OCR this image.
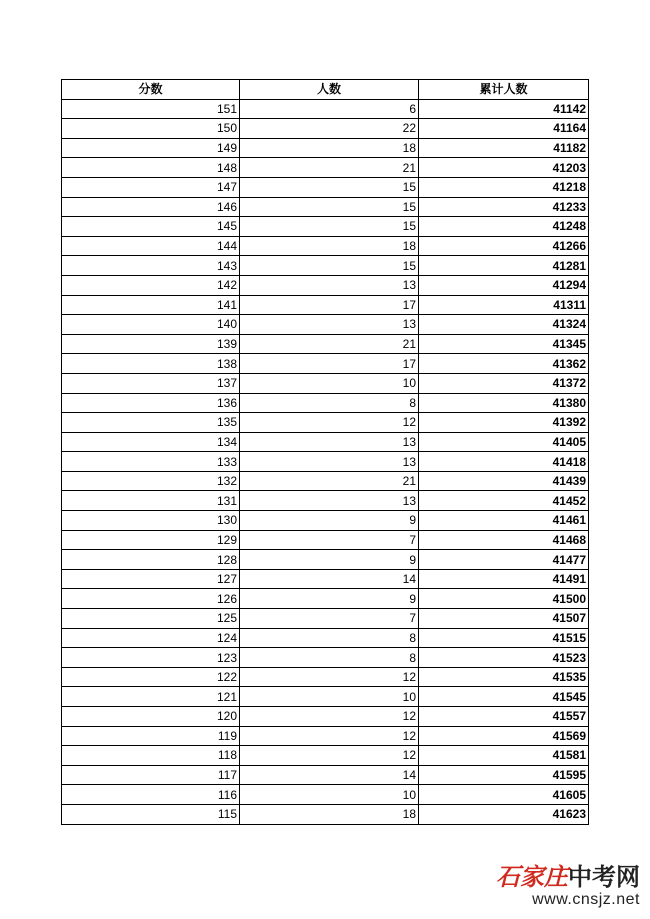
分数	人数	累计人数
151	6	41142
150	22	41164
149	18	41182
148	21	41203
147	15	41218
146	15	41233
145	15	41248
144	18	41266
143	15	41281
142	13	41294
141	17	41311
140	13	41324
139	21	41345
138	17	41362
137	10	41372
136	8	41380
135	12	41392
134	13	41405
133	13	41418
132	21	41439
131	13	41452
130	9	41461
129	7	41468
128	9	41477
127	14	41491
126	9	41500
125	7	41507
124	8	41515
123	8	41523
122	12	41535
121	10	41545
120	12	41557
119	12	41569
118	12	41581
117	14	41595
116	10	41605
115	18	41623
石家庄中考网
www.cnsjz.net
